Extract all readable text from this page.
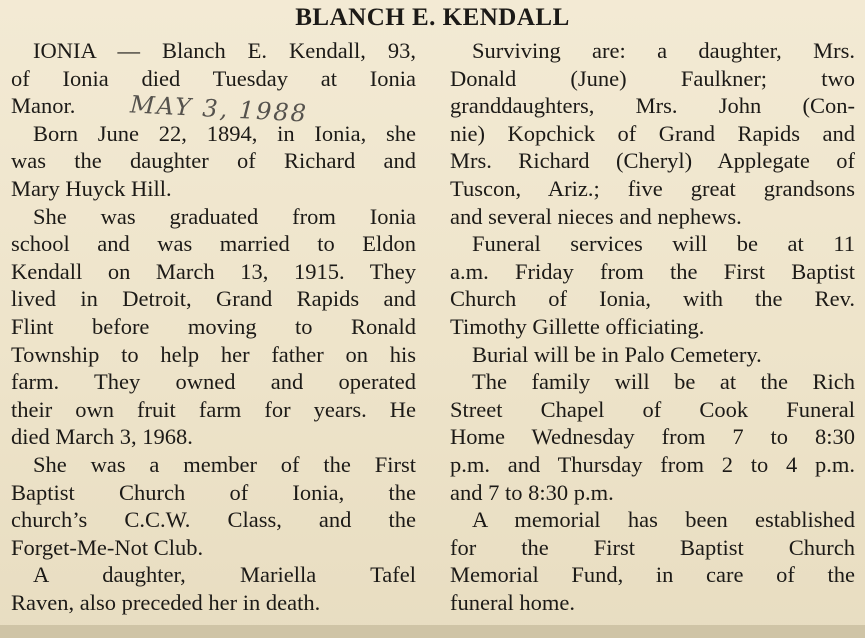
BLANCH E. KENDALL
IONIA — Blanch E. Kendall, 93,
of Ionia died Tuesday at Ionia
Manor.
Born June 22, 1894, in Ionia, she
was the daughter of Richard and
Mary Huyck Hill.
She was graduated from Ionia
school and was married to Eldon
Kendall on March 13, 1915. They
lived in Detroit, Grand Rapids and
Flint before moving to Ronald
Township to help her father on his
farm. They owned and operated
their own fruit farm for years. He
died March 3, 1968.
She was a member of the First
Baptist Church of Ionia, the
church’s C.C.W. Class, and the
Forget-Me-Not Club.
A daughter, Mariella Tafel
Raven, also preceded her in death.
Surviving are: a daughter, Mrs.
Donald (June) Faulkner; two
granddaughters, Mrs. John (Con-
nie) Kopchick of Grand Rapids and
Mrs. Richard (Cheryl) Applegate of
Tuscon, Ariz.; five great grandsons
and several nieces and nephews.
Funeral services will be at 11
a.m. Friday from the First Baptist
Church of Ionia, with the Rev.
Timothy Gillette officiating.
Burial will be in Palo Cemetery.
The family will be at the Rich
Street Chapel of Cook Funeral
Home Wednesday from 7 to 8:30
p.m. and Thursday from 2 to 4 p.m.
and 7 to 8:30 p.m.
A memorial has been established
for the First Baptist Church
Memorial Fund, in care of the
funeral home.
MAY 3, 1988
